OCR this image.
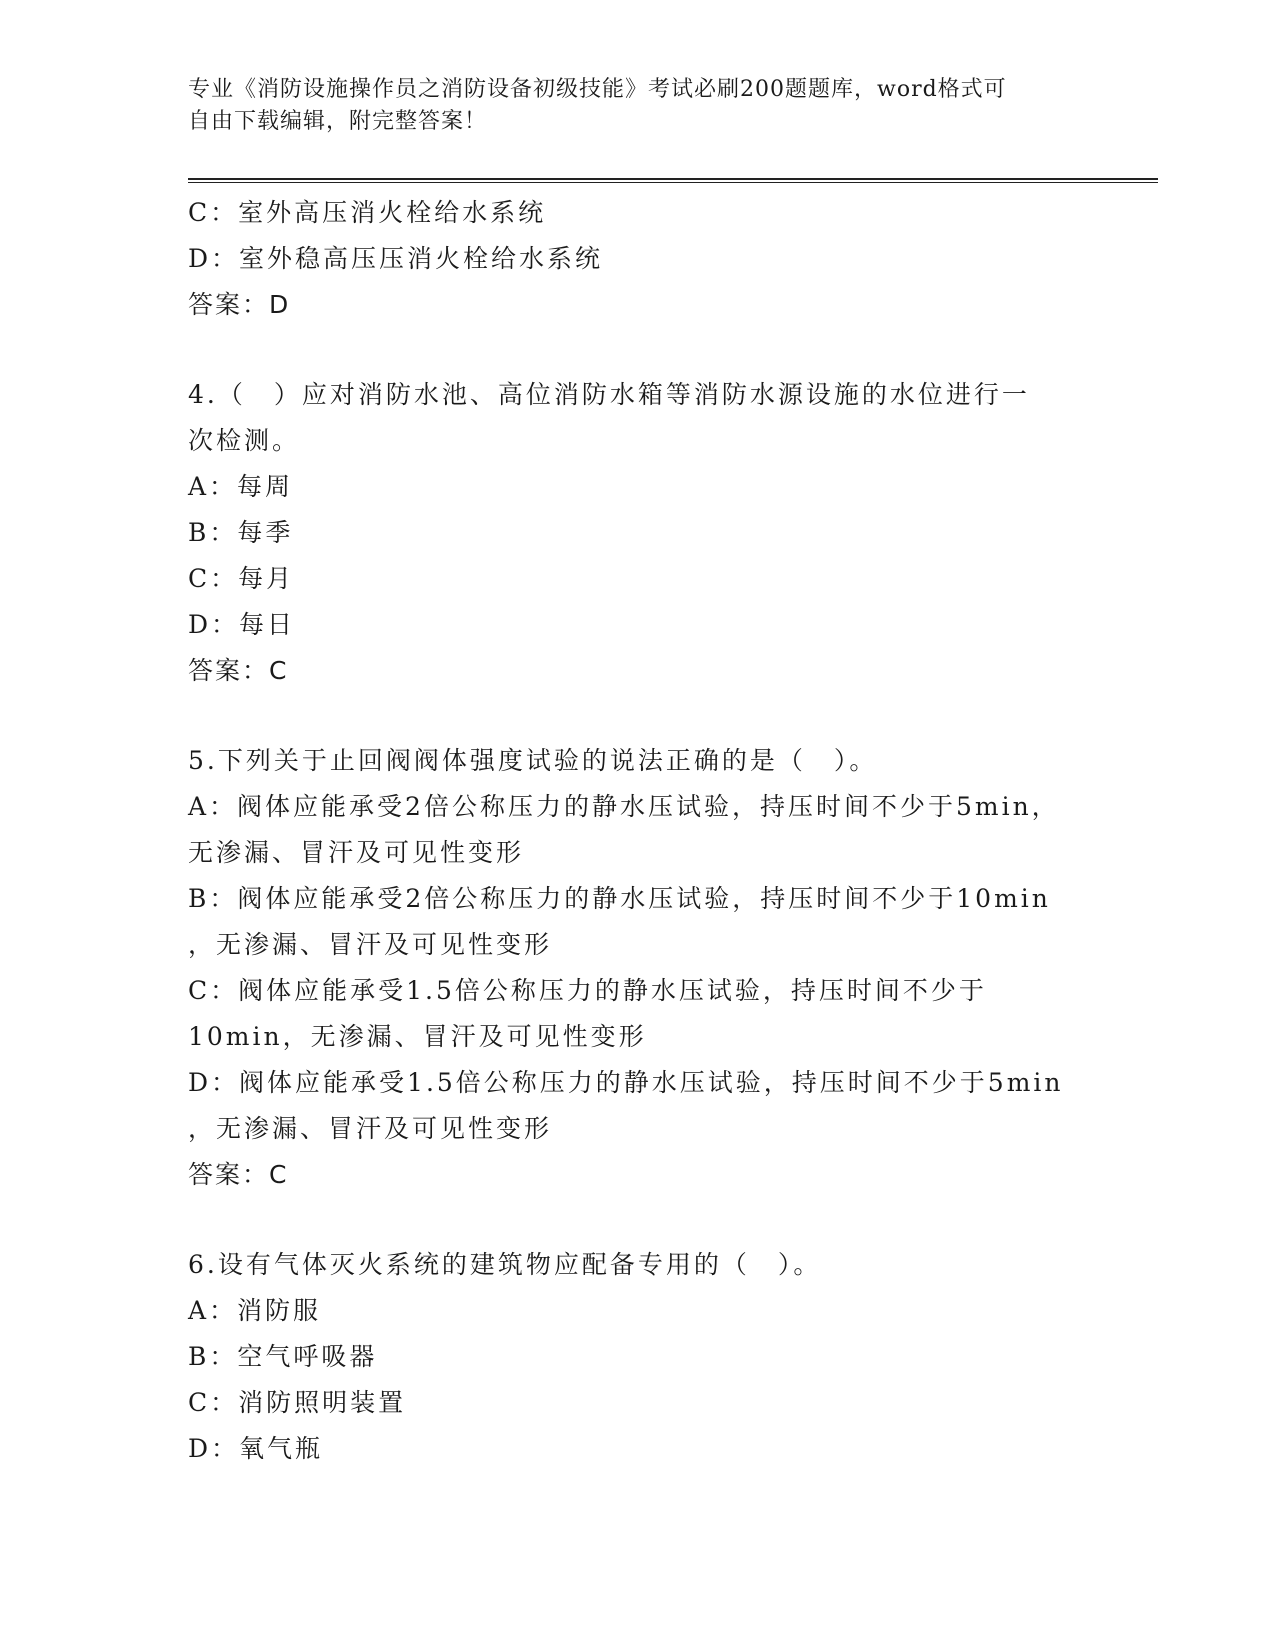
专业《消防设施操作员之消防设备初级技能》考试必刷200题题库，word格式可
自由下载编辑，附完整答案！
C：室外高压消火栓给水系统
D：室外稳高压压消火栓给水系统
答案：D
4.（　）应对消防水池、高位消防水箱等消防水源设施的水位进行一
次检测。
A：每周
B：每季
C：每月
D：每日
答案：C
5.下列关于止回阀阀体强度试验的说法正确的是（　）。
A：阀体应能承受2倍公称压力的静水压试验，持压时间不少于5min，
无渗漏、冒汗及可见性变形
B：阀体应能承受2倍公称压力的静水压试验，持压时间不少于10min
，无渗漏、冒汗及可见性变形
C：阀体应能承受1.5倍公称压力的静水压试验，持压时间不少于
10min，无渗漏、冒汗及可见性变形
D：阀体应能承受1.5倍公称压力的静水压试验，持压时间不少于5min
，无渗漏、冒汗及可见性变形
答案：C
6.设有气体灭火系统的建筑物应配备专用的（　）。
A：消防服
B：空气呼吸器
C：消防照明装置
D：氧气瓶
